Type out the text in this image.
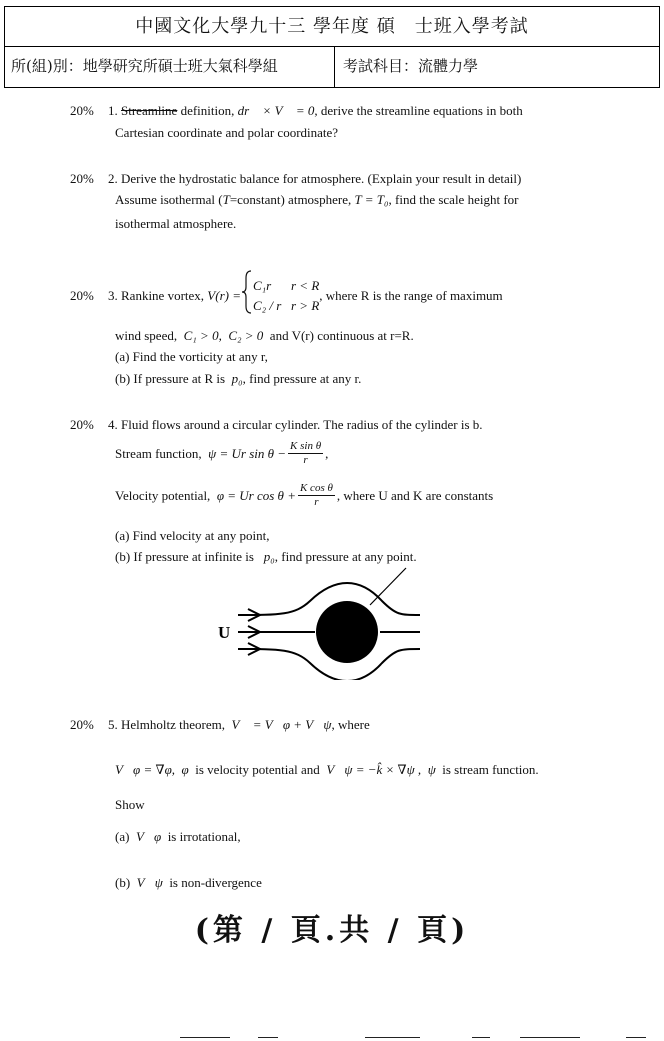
中國文化大學九十三 學年度 碩　士班入學考試
所(組)別：地學研究所碩士班大氣科學組	考試科目：流體力學
20% 1. Streamline definition, dr⃗ × V⃗ = 0, derive the streamline equations in both
Cartesian coordinate and polar coordinate?
20% 2. Derive the hydrostatic balance for atmosphere. (Explain your result in detail)
Assume isothermal (T=constant) atmosphere, T = T₀, find the scale height for
isothermal atmosphere.
20%	3.
Rankine vortex,
V(r) =
C₁r r < R
C₂ / r r > R
, where R is the range of maximum
wind speed, C₁ > 0, C₂ > 0 and V(r) continuous at r=R.
(a) Find the vorticity at any r,
(b) If pressure at R is p₀, find pressure at any r.
20% 4. Fluid flows around a circular cylinder. The radius of the cylinder is b.
Stream function,
ψ = Ur $\sin \theta - \frac{\text{K sin θ}}{r}$ ,
Velocity potential,
φ = Ur $\cos \theta + \frac{\text{K cos θ}}{r}$ , where U and K are constants
(a) Find velocity at any point,
(b) If pressure at infinite is p₀, find pressure at any point.
U
20% 5. Helmholtz theorem, V⃗ = V⃗φ + V⃗ψ, where
V⃗φ = ∇φ, φ is velocity potential and V⃗ψ = −k̂ × ∇ψ , ψ is stream function.
Show
(a) V⃗φ is irrotational,
(b) V⃗ψ is non-divergence
(第 / 頁.共 / 頁)
